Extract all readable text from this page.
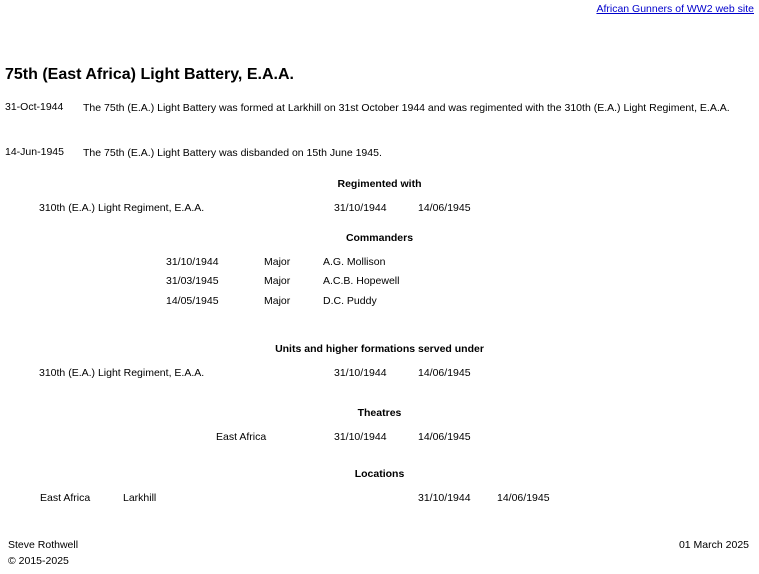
African Gunners of WW2 web site
75th (East Africa) Light Battery, E.A.A.
31-Oct-1944 The 75th (E.A.) Light Battery was formed at Larkhill on 31st October 1944 and was regimented with the 310th (E.A.) Light Regiment, E.A.A.
14-Jun-1945 The 75th (E.A.) Light Battery was disbanded on 15th June 1945.
Regimented with
310th (E.A.) Light Regiment, E.A.A.	31/10/1944	14/06/1945
Commanders
31/10/1944	Major	A.G. Mollison
31/03/1945	Major	A.C.B. Hopewell
14/05/1945	Major	D.C. Puddy
Units and higher formations served under
310th (E.A.) Light Regiment, E.A.A.	31/10/1944	14/06/1945
Theatres
East Africa	31/10/1944	14/06/1945
Locations
East Africa	Larkhill	31/10/1944	14/06/1945
Steve Rothwell
© 2015-2025
01 March 2025
